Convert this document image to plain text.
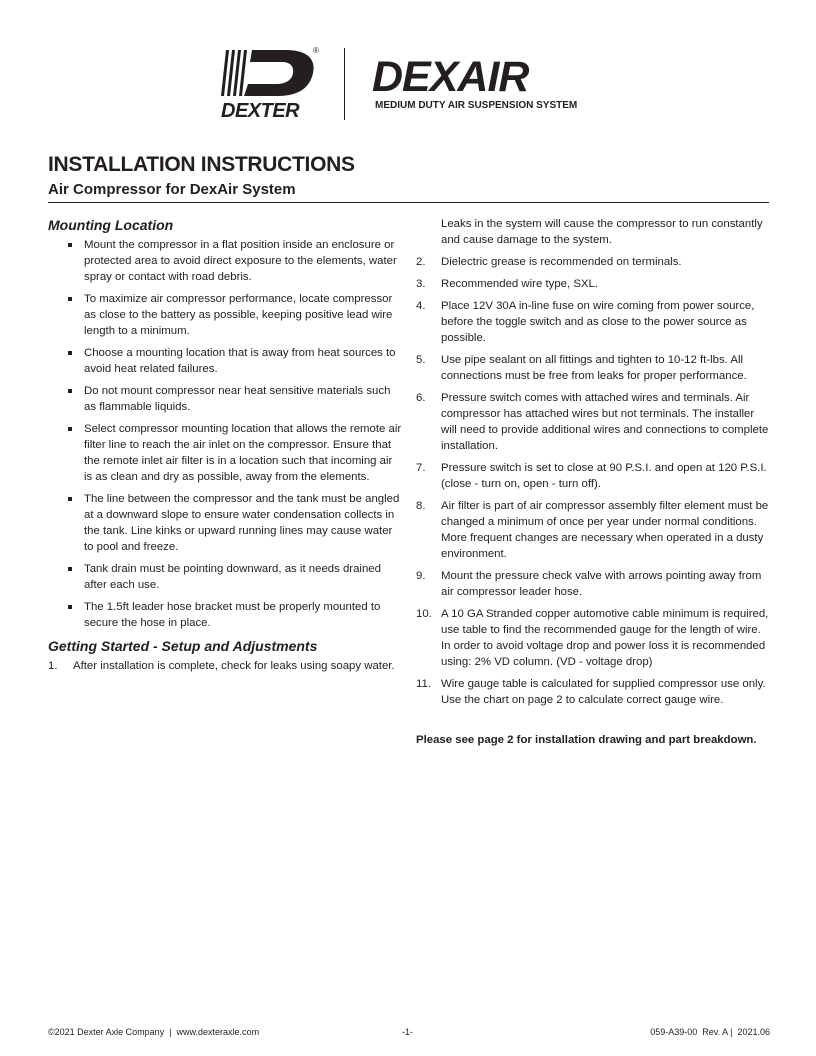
DEXTER
®
DEXAIR
MEDIUM DUTY AIR SUSPENSION SYSTEM
INSTALLATION INSTRUCTIONS
Air Compressor for DexAir System
Mounting Location
Mount the compressor in a flat position inside an enclosure or protected area to avoid direct exposure to the elements, water spray or contact with road debris.
To maximize air compressor performance, locate compressor as close to the battery as possible, keeping positive lead wire length to a minimum.
Choose a mounting location that is away from heat sources to avoid heat related failures.
Do not mount compressor near heat sensitive materials such as flammable liquids.
Select compressor mounting location that allows the remote air filter line to reach the air inlet on the compressor. Ensure that the remote inlet air filter is in a location such that incoming air is as clean and dry as possible, away from the elements.
The line between the compressor and the tank must be angled at a downward slope to ensure water condensation collects in the tank. Line kinks or upward running lines may cause water to pool and freeze.
Tank drain must be pointing downward, as it needs drained after each use.
The 1.5ft leader hose bracket must be properly mounted to secure the hose in place.
Getting Started - Setup and Adjustments
1. After installation is complete, check for leaks using soapy water.
Leaks in the system will cause the compressor to run constantly and cause damage to the system.
2. Dielectric grease is recommended on terminals.
3. Recommended wire type, SXL.
4. Place 12V 30A in-line fuse on wire coming from power source, before the toggle switch and as close to the power source as possible.
5. Use pipe sealant on all fittings and tighten to 10-12 ft-lbs. All connections must be free from leaks for proper performance.
6. Pressure switch comes with attached wires and terminals. Air compressor has attached wires but not terminals. The installer will need to provide additional wires and connections to complete installation.
7. Pressure switch is set to close at 90 P.S.I. and open at 120 P.S.I. (close - turn on, open - turn off).
8. Air filter is part of air compressor assembly filter element must be changed a minimum of once per year under normal conditions. More frequent changes are necessary when operated in a dusty environment.
9. Mount the pressure check valve with arrows pointing away from air compressor leader hose.
10. A 10 GA Stranded copper automotive cable minimum is required, use table to find the recommended gauge for the length of wire. In order to avoid voltage drop and power loss it is recommended using: 2% VD column. (VD - voltage drop)
11. Wire gauge table is calculated for supplied compressor use only. Use the chart on page 2 to calculate correct gauge wire.
Please see page 2 for installation drawing and part breakdown.
©2021 Dexter Axle Company  |  www.dexteraxle.com	-1-	059-A39-00  Rev. A |  2021.06
